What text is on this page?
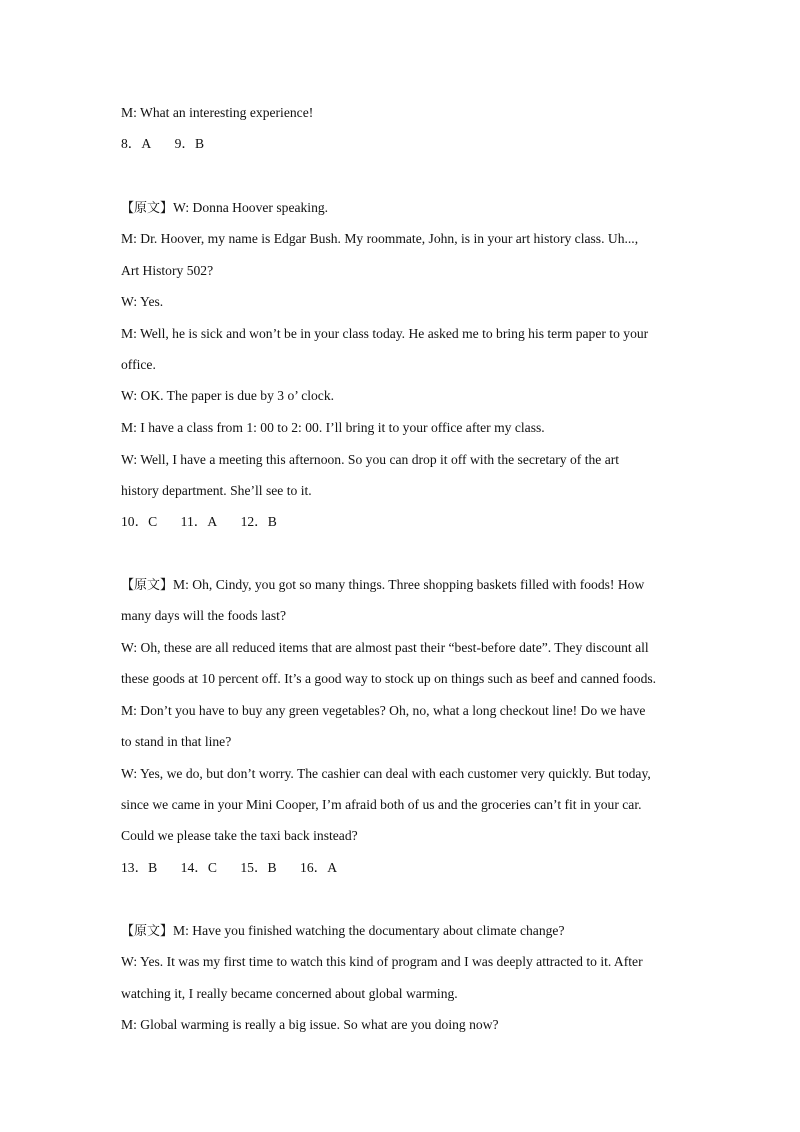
M: What an interesting experience!
8．A 9．B
【原文】W: Donna Hoover speaking.
M: Dr. Hoover, my name is Edgar Bush. My roommate, John, is in your art history class. Uh...,
Art History 502?
W: Yes.
M: Well, he is sick and won’t be in your class today. He asked me to bring his term paper to your
office.
W: OK. The paper is due by 3 o’ clock.
M: I have a class from 1: 00 to 2: 00. I’ll bring it to your office after my class.
W: Well, I have a meeting this afternoon. So you can drop it off with the secretary of the art
history department. She’ll see to it.
10．C 11．A 12．B
【原文】M: Oh, Cindy, you got so many things. Three shopping baskets filled with foods! How
many days will the foods last?
W: Oh, these are all reduced items that are almost past their “best-before date”. They discount all
these goods at 10 percent off. It’s a good way to stock up on things such as beef and canned foods.
M: Don’t you have to buy any green vegetables? Oh, no, what a long checkout line! Do we have
to stand in that line?
W: Yes, we do, but don’t worry. The cashier can deal with each customer very quickly. But today,
since we came in your Mini Cooper, I’m afraid both of us and the groceries can’t fit in your car.
Could we please take the taxi back instead?
13．B 14．C 15．B 16．A
【原文】M: Have you finished watching the documentary about climate change?
W: Yes. It was my first time to watch this kind of program and I was deeply attracted to it. After
watching it, I really became concerned about global warming.
M: Global warming is really a big issue. So what are you doing now?
